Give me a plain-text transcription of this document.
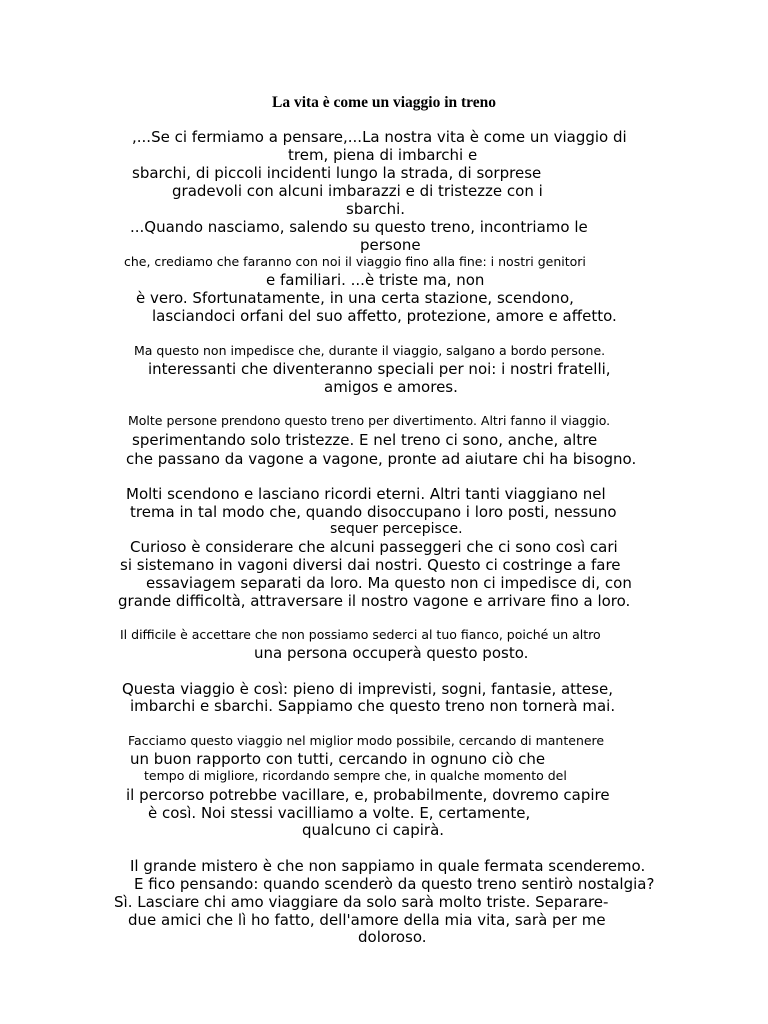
La vita è come un viaggio in treno
,...Se ci fermiamo a pensare,...La nostra vita è come un viaggio di
trem, piena di imbarchi e
sbarchi, di piccoli incidenti lungo la strada, di sorprese
gradevoli con alcuni imbarazzi e di tristezze con i
sbarchi.
...Quando nasciamo, salendo su questo treno, incontriamo le
persone
che, crediamo che faranno con noi il viaggio fino alla fine: i nostri genitori
e familiari. ...è triste ma, non
è vero. Sfortunatamente, in una certa stazione, scendono,
lasciandoci orfani del suo affetto, protezione, amore e affetto.
Ma questo non impedisce che, durante il viaggio, salgano a bordo persone.
interessanti che diventeranno speciali per noi: i nostri fratelli,
amigos e amores.
Molte persone prendono questo treno per divertimento. Altri fanno il viaggio.
sperimentando solo tristezze. E nel treno ci sono, anche, altre
che passano da vagone a vagone, pronte ad aiutare chi ha bisogno.
Molti scendono e lasciano ricordi eterni. Altri tanti viaggiano nel
trema in tal modo che, quando disoccupano i loro posti, nessuno
sequer percepisce.
Curioso è considerare che alcuni passeggeri che ci sono così cari
si sistemano in vagoni diversi dai nostri. Questo ci costringe a fare
essaviagem separati da loro. Ma questo non ci impedisce di, con
grande difficoltà, attraversare il nostro vagone e arrivare fino a loro.
Il difficile è accettare che non possiamo sederci al tuo fianco, poiché un altro
una persona occuperà questo posto.
Questa viaggio è così: pieno di imprevisti, sogni, fantasie, attese,
imbarchi e sbarchi. Sappiamo che questo treno non tornerà mai.
Facciamo questo viaggio nel miglior modo possibile, cercando di mantenere
un buon rapporto con tutti, cercando in ognuno ciò che
tempo di migliore, ricordando sempre che, in qualche momento del
il percorso potrebbe vacillare, e, probabilmente, dovremo capire
è così. Noi stessi vacilliamo a volte. E, certamente,
qualcuno ci capirà.
Il grande mistero è che non sappiamo in quale fermata scenderemo.
E fico pensando: quando scenderò da questo treno sentirò nostalgia?
Sì. Lasciare chi amo viaggiare da solo sarà molto triste. Separare-
due amici che lì ho fatto, dell'amore della mia vita, sarà per me
doloroso.
